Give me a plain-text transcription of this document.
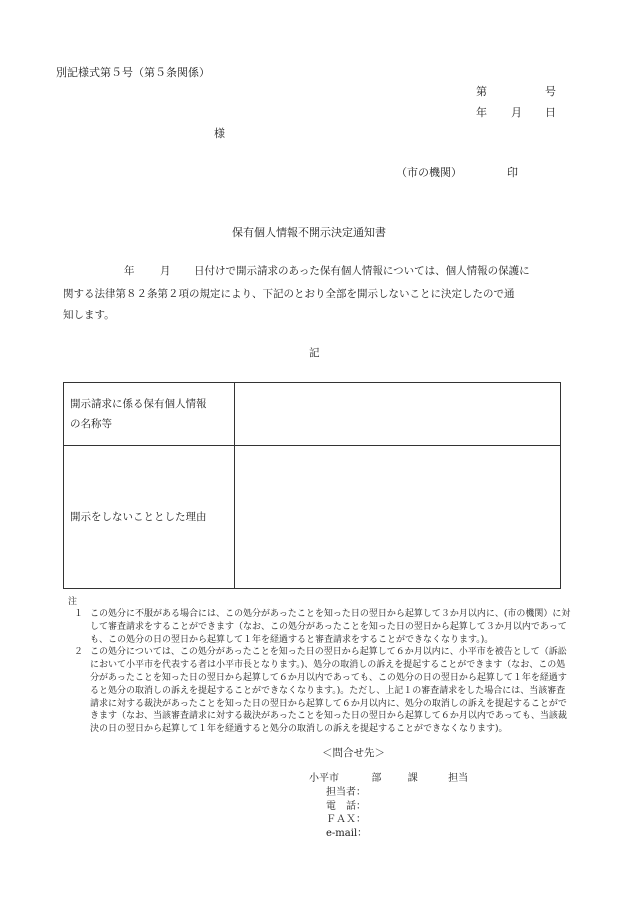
別記様式第５号（第５条関係）
第	号
年 月 日
様
（市の機関）	印
保有個人情報不開示決定通知書
年 月 日付けで開示請求のあった保有個人情報については、個人情報の保護に
関する法律第８２条第２項の規定により、下記のとおり全部を開示しないことに決定したので通
知します。
記
開示請求に係る保有個人情報
の名称等	

開示をしないこととした理由	
注
１ この処分に不服がある場合には、この処分があったことを知った日の翌日から起算して３か月以内に、(市の機関）に対して審査請求をすることができます（なお、この処分があったことを知った日の翌日から起算して３か月以内であっても、この処分の日の翌日から起算して１年を経過すると審査請求をすることができなくなります。)。
２ この処分については、この処分があったことを知った日の翌日から起算して６か月以内に、小平市を被告として（訴訟において小平市を代表する者は小平市長となります。)、処分の取消しの訴えを提起することができます（なお、この処分があったことを知った日の翌日から起算して６か月以内であっても、この処分の日の翌日から起算して１年を経過すると処分の取消しの訴えを提起することができなくなります。)。ただし、上記１の審査請求をした場合には、当該審査請求に対する裁決があったことを知った日の翌日から起算して６か月以内に、処分の取消しの訴えを提起することができます（なお、当該審査請求に対する裁決があったことを知った日の翌日から起算して６か月以内であっても、当該裁決の日の翌日から起算して１年を経過すると処分の取消しの訴えを提起することができなくなります)。
＜問合せ先＞
小平市	部	課	担当
担当者：
電　話：
ＦＡＸ：
e-mail：
